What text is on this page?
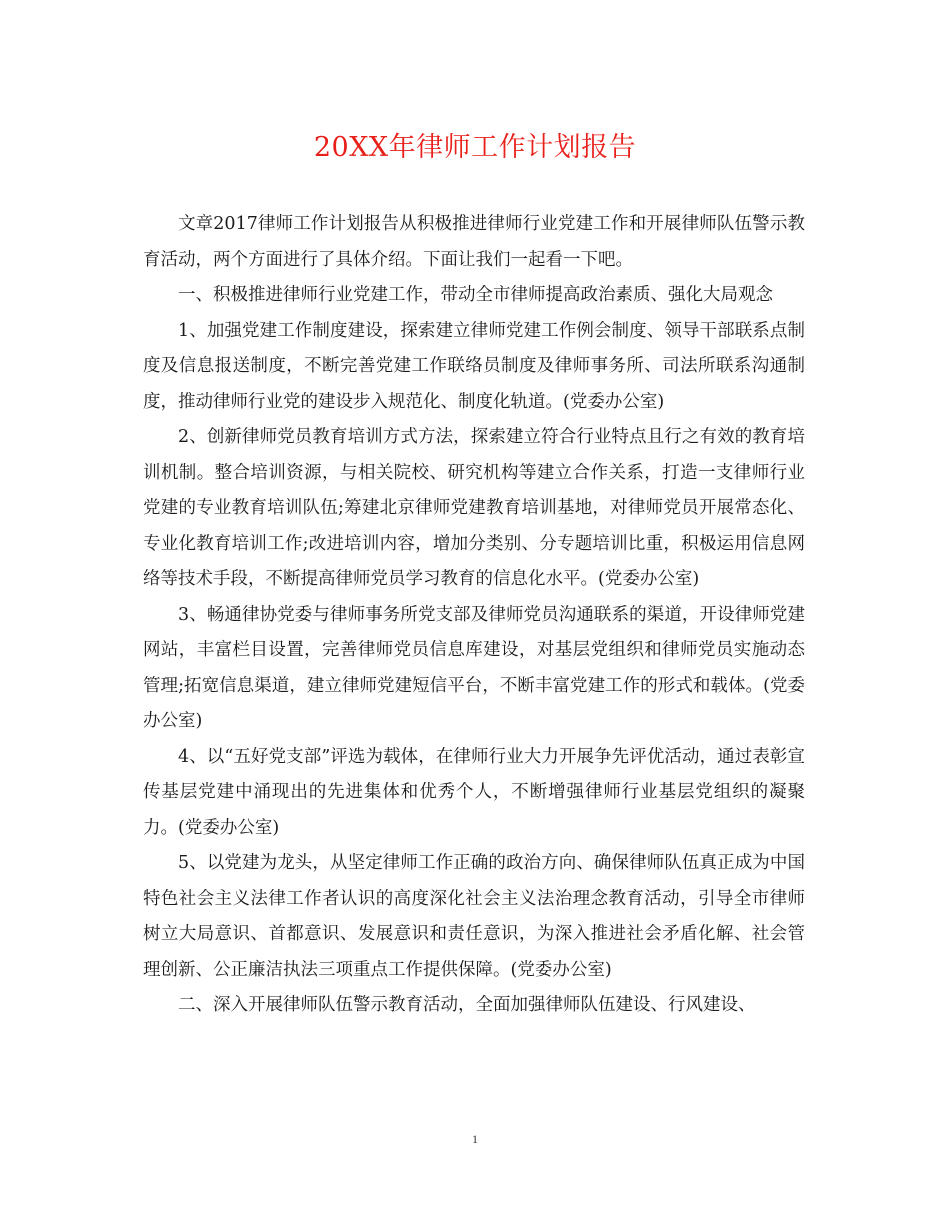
20XX年律师工作计划报告

文章2017律师工作计划报告从积极推进律师行业党建工作和开展律师队伍警示教育活动，两个方面进行了具体介绍。下面让我们一起看一下吧。

一、积极推进律师行业党建工作，带动全市律师提高政治素质、强化大局观念

1、加强党建工作制度建设，探索建立律师党建工作例会制度、领导干部联系点制度及信息报送制度，不断完善党建工作联络员制度及律师事务所、司法所联系沟通制度，推动律师行业党的建设步入规范化、制度化轨道。(党委办公室)

2、创新律师党员教育培训方式方法，探索建立符合行业特点且行之有效的教育培训机制。整合培训资源，与相关院校、研究机构等建立合作关系，打造一支律师行业党建的专业教育培训队伍;筹建北京律师党建教育培训基地，对律师党员开展常态化、专业化教育培训工作;改进培训内容，增加分类别、分专题培训比重，积极运用信息网络等技术手段，不断提高律师党员学习教育的信息化水平。(党委办公室)

3、畅通律协党委与律师事务所党支部及律师党员沟通联系的渠道，开设律师党建网站，丰富栏目设置，完善律师党员信息库建设，对基层党组织和律师党员实施动态管理;拓宽信息渠道，建立律师党建短信平台，不断丰富党建工作的形式和载体。(党委办公室)

4、以“五好党支部”评选为载体，在律师行业大力开展争先评优活动，通过表彰宣传基层党建中涌现出的先进集体和优秀个人，不断增强律师行业基层党组织的凝聚力。(党委办公室)

5、以党建为龙头，从坚定律师工作正确的政治方向、确保律师队伍真正成为中国特色社会主义法律工作者认识的高度深化社会主义法治理念教育活动，引导全市律师树立大局意识、首都意识、发展意识和责任意识，为深入推进社会矛盾化解、社会管理创新、公正廉洁执法三项重点工作提供保障。(党委办公室)

二、深入开展律师队伍警示教育活动，全面加强律师队伍建设、行风建设、

1
